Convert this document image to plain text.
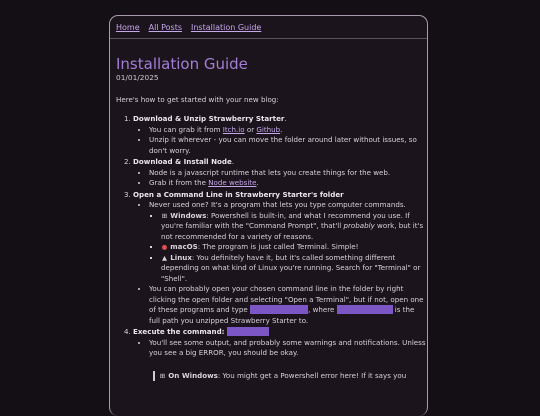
Home All Posts Installation Guide
Installation Guide
01/01/2025

Here's how to get started with your new blog:

1. Download & Unzip Strawberry Starter.
• You can grab it from Itch.io or Github.
• Unzip it wherever - you can move the folder around later without issues, so don't worry.
2. Download & Install Node.
• Node is a javascript runtime that lets you create things for the web.
• Grab it from the Node website.
3. Open a Command Line in Strawberry Starter's folder
• Never used one? It's a program that lets you type computer commands.
▪ ⊞ Windows: Powershell is built-in, and what I recommend you use. If you're familiar with the "Command Prompt", that'll probably work, but it's not recommended for a variety of reasons.
▪ ● macOS: The program is just called Terminal. Simple!
▪ ▲ Linux: You definitely have it, but it's called something different depending on what kind of Linux you're running. Search for "Terminal" or "Shell".
• You can probably open your chosen command line in the folder by right clicking the open folder and selecting "Open a Terminal", but if not, open one of these programs and type	, where	is the full path you unzipped Strawberry Starter to.
4. Execute the command:
• You'll see some output, and probably some warnings and notifications. Unless you see a big ERROR, you should be okay.
⊞ On Windows: You might get a Powershell error here! If it says you
